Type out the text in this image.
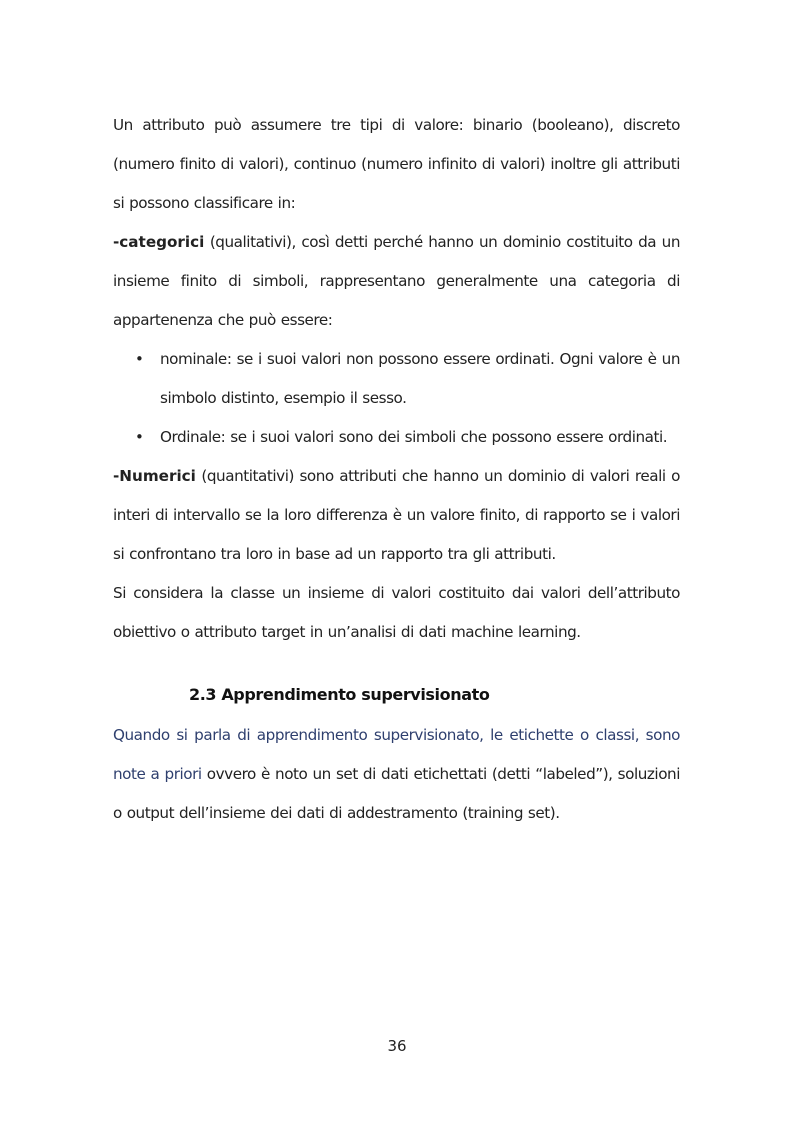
Un attributo può assumere tre tipi di valore: binario (booleano), discreto (numero finito di valori), continuo (numero infinito di valori) inoltre gli attributi si possono classificare in:

-categorici (qualitativi), così detti perché hanno un dominio costituito da un insieme finito di simboli, rappresentano generalmente una categoria di appartenenza che può essere:

• nominale: se i suoi valori non possono essere ordinati. Ogni valore è un simbolo distinto, esempio il sesso.
• Ordinale: se i suoi valori sono dei simboli che possono essere ordinati.

-Numerici (quantitativi) sono attributi che hanno un dominio di valori reali o interi di intervallo se la loro differenza è un valore finito, di rapporto se i valori si confrontano tra loro in base ad un rapporto tra gli attributi.

Si considera la classe un insieme di valori costituito dai valori dell’attributo obiettivo o attributo target in un’analisi di dati machine learning.

2.3 Apprendimento supervisionato

Quando si parla di apprendimento supervisionato, le etichette o classi, sono note a priori ovvero è noto un set di dati etichettati (detti “labeled”), soluzioni o output dell’insieme dei dati di addestramento (training set).

36
